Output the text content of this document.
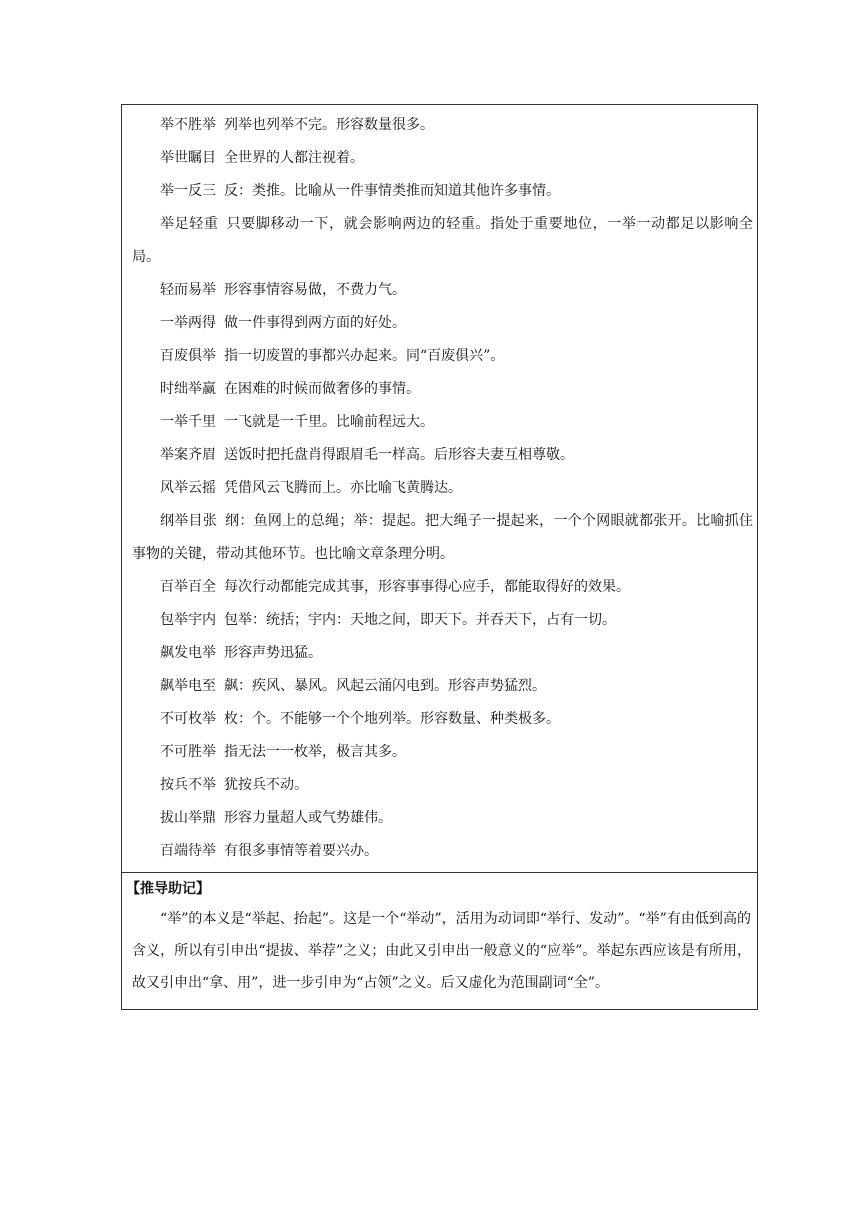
举不胜举 列举也列举不完。形容数量很多。

举世瞩目 全世界的人都注视着。

举一反三 反：类推。比喻从一件事情类推而知道其他许多事情。

举足轻重 只要脚移动一下，就会影响两边的轻重。指处于重要地位，一举一动都足以影响全局。

轻而易举 形容事情容易做，不费力气。

一举两得 做一件事得到两方面的好处。

百废俱举 指一切废置的事都兴办起来。同“百废俱兴”。

时绌举赢 在困难的时候而做奢侈的事情。

一举千里 一飞就是一千里。比喻前程远大。

举案齐眉 送饭时把托盘肖得跟眉毛一样高。后形容夫妻互相尊敬。

风举云摇 凭借风云飞腾而上。亦比喻飞黄腾达。

纲举目张 纲：鱼网上的总绳；举：提起。把大绳子一提起来，一个个网眼就都张开。比喻抓住事物的关键，带动其他环节。也比喻文章条理分明。

百举百全 每次行动都能完成其事，形容事事得心应手，都能取得好的效果。

包举宇内 包举：统括；宇内：天地之间，即天下。并吞天下，占有一切。

飙发电举 形容声势迅猛。

飙举电至 飙：疾风、暴风。风起云涌闪电到。形容声势猛烈。

不可枚举 枚：个。不能够一个个地列举。形容数量、种类极多。

不可胜举 指无法一一枚举，极言其多。

按兵不举 犹按兵不动。

拔山举鼎 形容力量超人或气势雄伟。

百端待举 有很多事情等着要兴办。

【推导助记】

“举”的本义是“举起、抬起”。这是一个“举动”，活用为动词即“举行、发动”。“举”有由低到高的含义，所以有引申出“提拔、举荐”之义；由此又引申出一般意义的“应举”。举起东西应该是有所用，故又引申出“拿、用”，进一步引申为“占领”之义。后又虚化为范围副词“全”。
